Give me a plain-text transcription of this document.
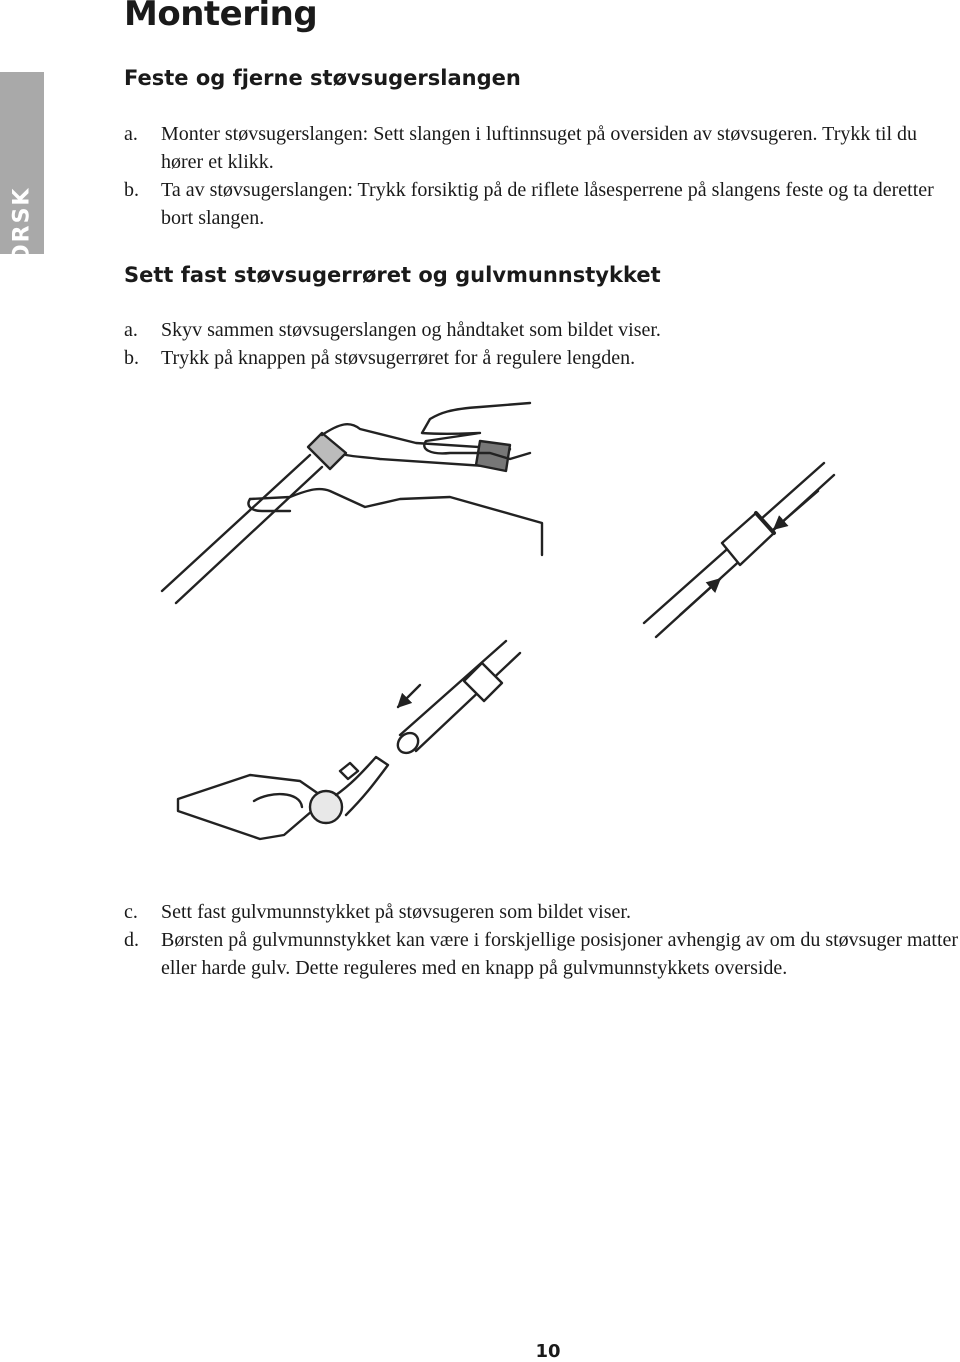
NORSK
Montering
Feste og fjerne støvsugerslangen
a. Monter støvsugerslangen: Sett slangen i luftinnsuget på oversiden av støvsugeren. Trykk til du hører et klikk.
b. Ta av støvsugerslangen: Trykk forsiktig på de riflete låsesperrene på slangens feste og ta deretter bort slangen.
Sett fast støvsugerrøret og gulvmunnstykket
a. Skyv sammen støvsugerslangen og håndtaket som bildet viser.
b. Trykk på knappen på støvsugerrøret for å regulere lengden.
c. Sett fast gulvmunnstykket på støvsugeren som bildet viser.
d. Børsten på gulvmunnstykket kan være i forskjellige posisjoner avhengig av om du støvsuger matter eller harde gulv. Dette reguleres med en knapp på gulvmunnstykkets overside.
10
